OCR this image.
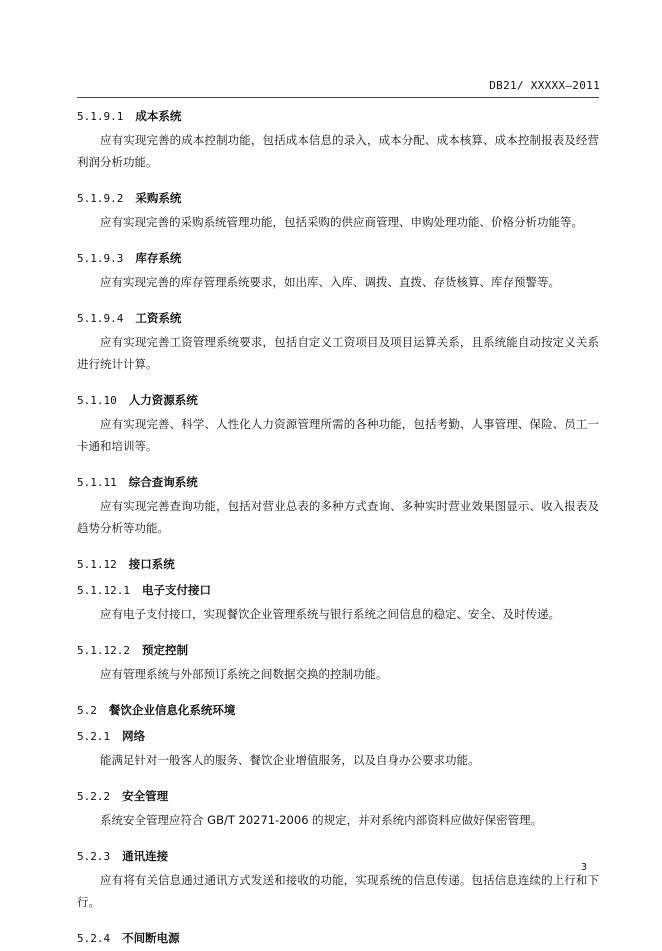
DB21/ XXXXX—2011
5.1.9.1 成本系统

应有实现完善的成本控制功能，包括成本信息的录入，成本分配、成本核算、成本控制报表及经营利润分析功能。

5.1.9.2 采购系统

应有实现完善的采购系统管理功能，包括采购的供应商管理、申购处理功能、价格分析功能等。

5.1.9.3 库存系统

应有实现完善的库存管理系统要求，如出库、入库、调拨、直拨、存货核算、库存预警等。

5.1.9.4 工资系统

应有实现完善工资管理系统要求，包括自定义工资项目及项目运算关系，且系统能自动按定义关系进行统计计算。

5.1.10 人力资源系统

应有实现完善、科学、人性化人力资源管理所需的各种功能，包括考勤、人事管理、保险、员工一卡通和培训等。

5.1.11 综合查询系统

应有实现完善查询功能，包括对营业总表的多种方式查询、多种实时营业效果图显示、收入报表及趋势分析等功能。

5.1.12 接口系统
5.1.12.1 电子支付接口

应有电子支付接口，实现餐饮企业管理系统与银行系统之间信息的稳定、安全、及时传递。

5.1.12.2 预定控制

应有管理系统与外部预订系统之间数据交换的控制功能。

5.2 餐饮企业信息化系统环境
5.2.1 网络

能满足针对一般客人的服务、餐饮企业增值服务，以及自身办公要求功能。

5.2.2 安全管理

系统安全管理应符合 GB/T 20271-2006 的规定，并对系统内部资料应做好保密管理。

5.2.3 通讯连接

应有将有关信息通过通讯方式发送和接收的功能，实现系统的信息传递。包括信息连续的上行和下行。

5.2.4 不间断电源
3
